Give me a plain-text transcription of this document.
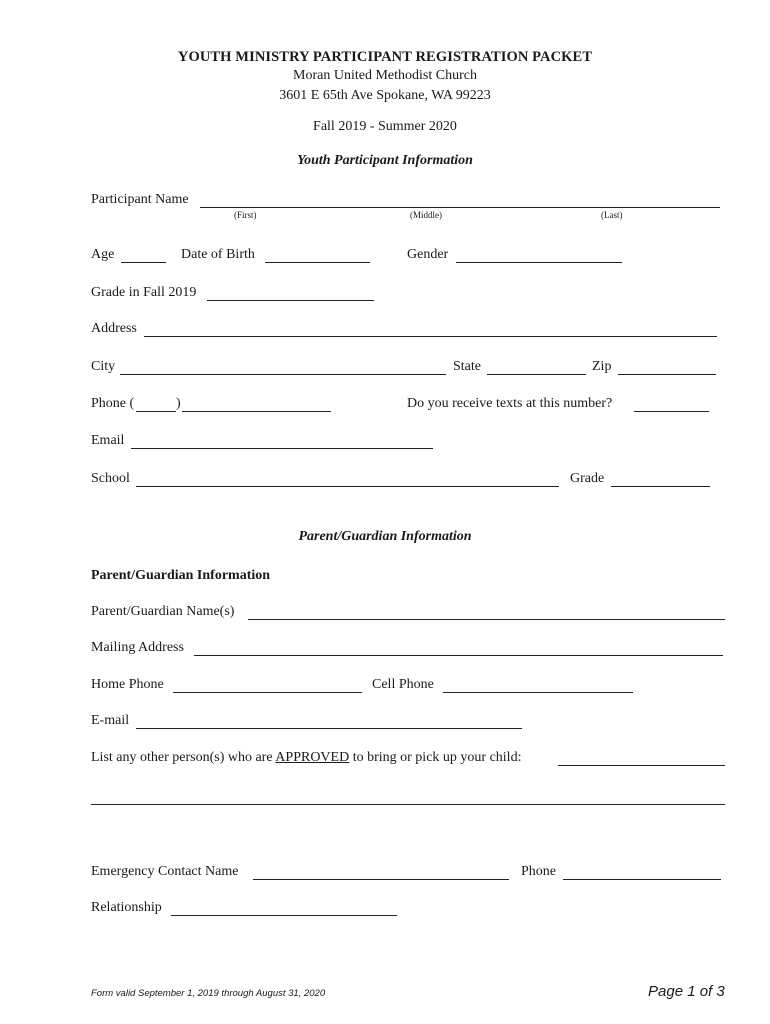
YOUTH MINISTRY PARTICIPANT REGISTRATION PACKET
Moran United Methodist Church
3601 E 65th Ave Spokane, WA 99223
Fall 2019 - Summer 2020
Youth Participant Information
Participant Name
(First)	(Middle)	(Last)
Age	Date of Birth	Gender
Grade in Fall 2019
Address
City	State	Zip
Phone (	)	Do you receive texts at this number?
Email
School	Grade
Parent/Guardian Information
Parent/Guardian Information
Parent/Guardian Name(s)
Mailing Address
Home Phone	Cell Phone
E-mail
List any other person(s) who are APPROVED to bring or pick up your child:
Emergency Contact Name	Phone
Relationship
Form valid September 1, 2019 through August 31, 2020	Page 1 of 3
